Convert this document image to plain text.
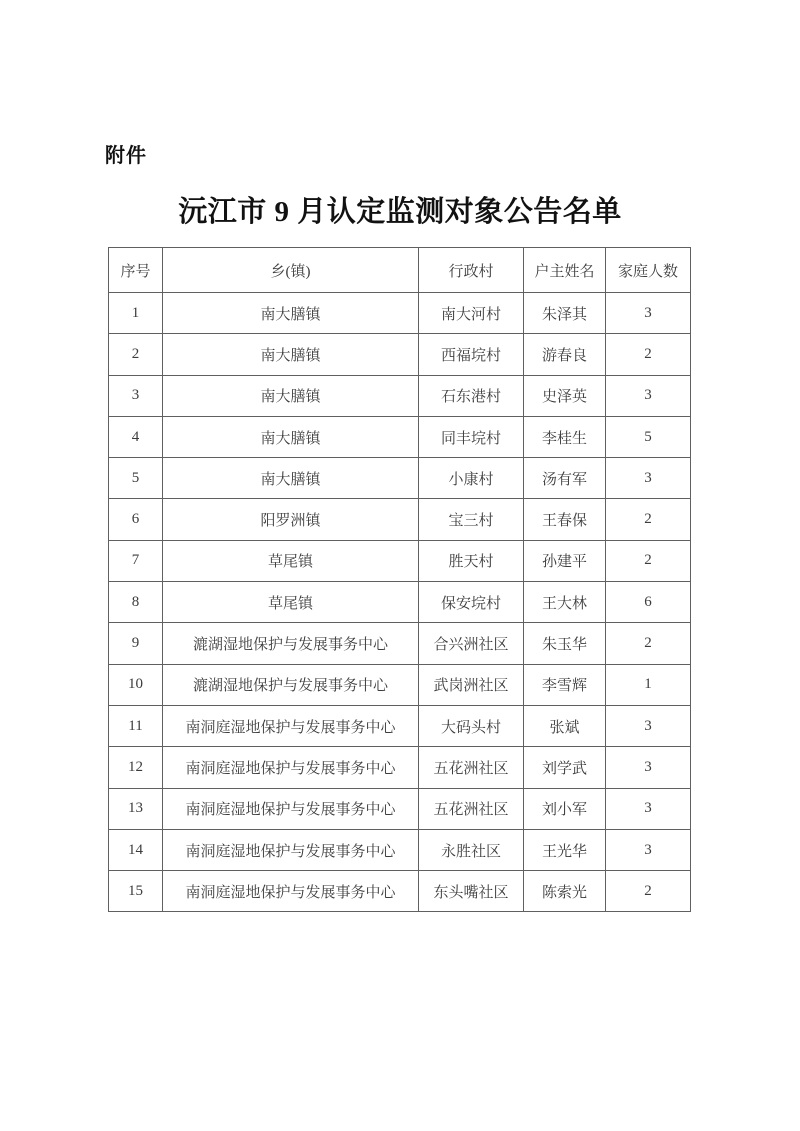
附件
沅江市 9 月认定监测对象公告名单
序号	乡(镇)	行政村	户主姓名	家庭人数
1	南大膳镇	南大河村	朱泽其	3
2	南大膳镇	西福垸村	游春良	2
3	南大膳镇	石东港村	史泽英	3
4	南大膳镇	同丰垸村	李桂生	5
5	南大膳镇	小康村	汤有军	3
6	阳罗洲镇	宝三村	王春保	2
7	草尾镇	胜天村	孙建平	2
8	草尾镇	保安垸村	王大林	6
9	漉湖湿地保护与发展事务中心	合兴洲社区	朱玉华	2
10	漉湖湿地保护与发展事务中心	武岗洲社区	李雪辉	1
11	南洞庭湿地保护与发展事务中心	大码头村	张斌	3
12	南洞庭湿地保护与发展事务中心	五花洲社区	刘学武	3
13	南洞庭湿地保护与发展事务中心	五花洲社区	刘小军	3
14	南洞庭湿地保护与发展事务中心	永胜社区	王光华	3
15	南洞庭湿地保护与发展事务中心	东头嘴社区	陈索光	2
